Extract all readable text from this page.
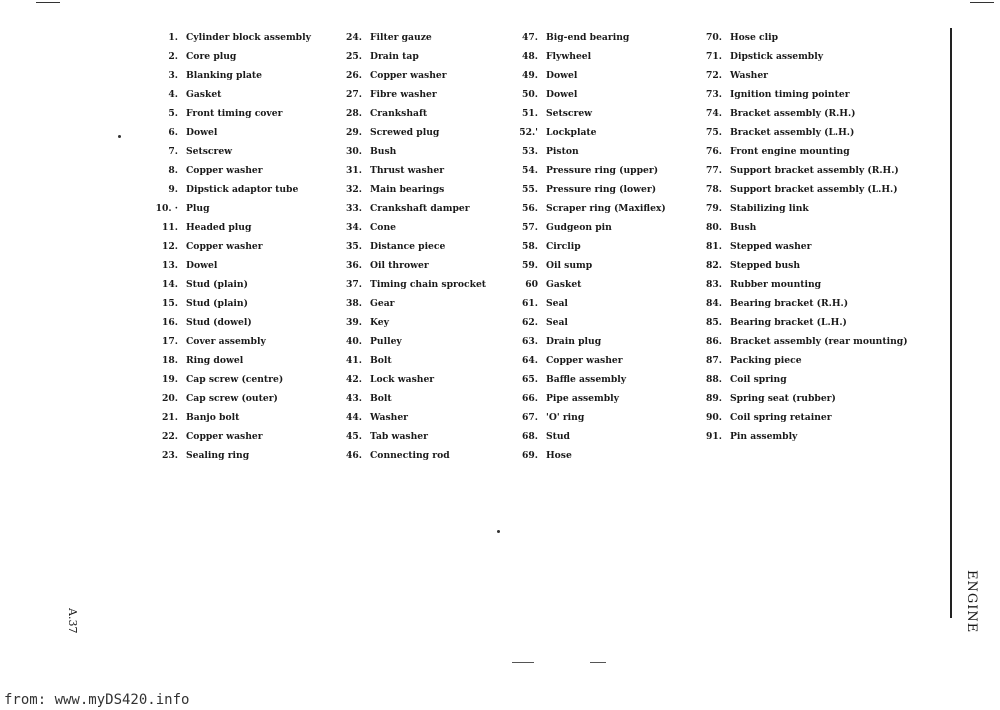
1. Cylinder block assembly
2. Core plug
3. Blanking plate
4. Gasket
5. Front timing cover
6. Dowel
7. Setscrew
8. Copper washer
9. Dipstick adaptor tube
10. · Plug
11. Headed plug
12. Copper washer
13. Dowel
14. Stud (plain)
15. Stud (plain)
16. Stud (dowel)
17. Cover assembly
18. Ring dowel
19. Cap screw (centre)
20. Cap screw (outer)
21. Banjo bolt
22. Copper washer
23. Sealing ring
24. Filter gauze
25. Drain tap
26. Copper washer
27. Fibre washer
28. Crankshaft
29. Screwed plug
30. Bush
31. Thrust washer
32. Main bearings
33. Crankshaft damper
34. Cone
35. Distance piece
36. Oil thrower
37. Timing chain sprocket
38. Gear
39. Key
40. Pulley
41. Bolt
42. Lock washer
43. Bolt
44. Washer
45. Tab washer
46. Connecting rod
47. Big-end bearing
48. Flywheel
49. Dowel
50. Dowel
51. Setscrew
52.' Lockplate
53. Piston
54. Pressure ring (upper)
55. Pressure ring (lower)
56. Scraper ring (Maxiflex)
57. Gudgeon pin
58. Circlip
59. Oil sump
60 Gasket
61. Seal
62. Seal
63. Drain plug
64. Copper washer
65. Baffle assembly
66. Pipe assembly
67. 'O' ring
68. Stud
69. Hose
70. Hose clip
71. Dipstick assembly
72. Washer
73. Ignition timing pointer
74. Bracket assembly (R.H.)
75. Bracket assembly (L.H.)
76. Front engine mounting
77. Support bracket assembly (R.H.)
78. Support bracket assembly (L.H.)
79. Stabilizing link
80. Bush
81. Stepped washer
82. Stepped bush
83. Rubber mounting
84. Bearing bracket (R.H.)
85. Bearing bracket (L.H.)
86. Bracket assembly (rear mounting)
87. Packing piece
88. Coil spring
89. Spring seat (rubber)
90. Coil spring retainer
91. Pin assembly
ENGINE
A.37
from: www.myDS420.info
